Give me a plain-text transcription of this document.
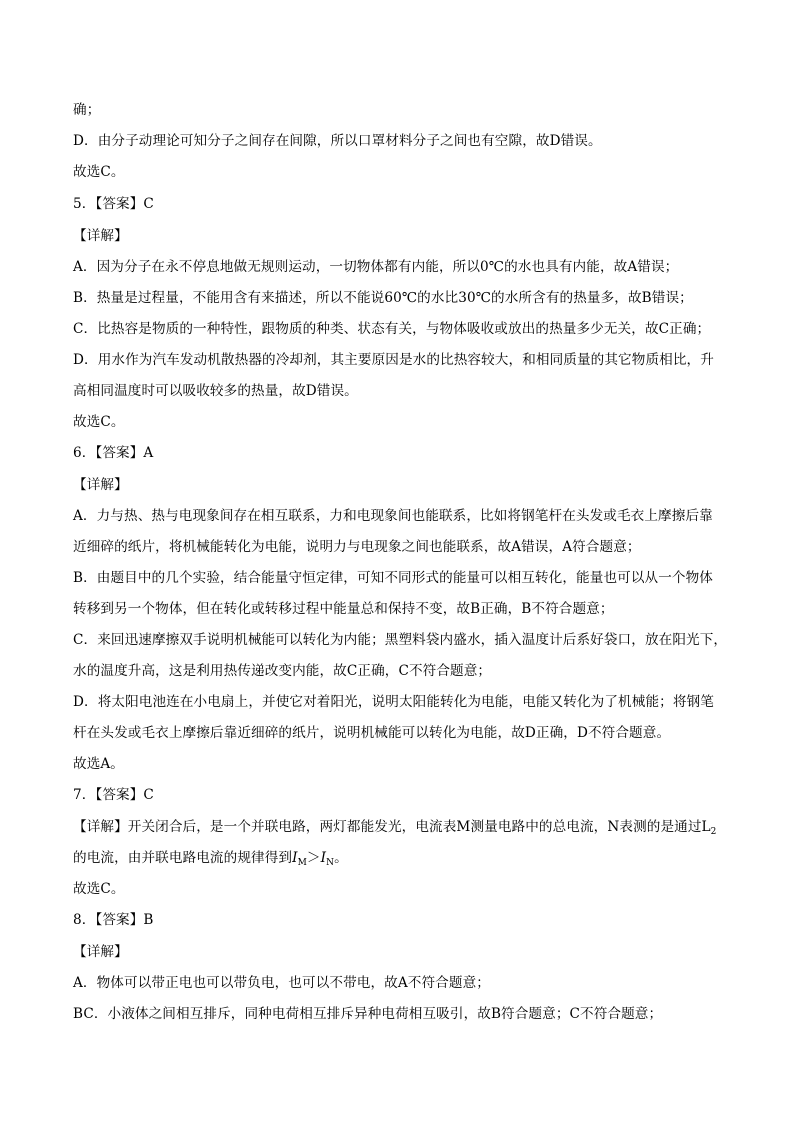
确；
D．由分子动理论可知分子之间存在间隙，所以口罩材料分子之间也有空隙，故D错误。
故选C。
5．【答案】C
【详解】
A．因为分子在永不停息地做无规则运动，一切物体都有内能，所以0℃的水也具有内能，故A错误；
B．热量是过程量，不能用含有来描述，所以不能说60℃的水比30℃的水所含有的热量多，故B错误；
C．比热容是物质的一种特性，跟物质的种类、状态有关，与物体吸收或放出的热量多少无关，故C正确；
D．用水作为汽车发动机散热器的冷却剂，其主要原因是水的比热容较大，和相同质量的其它物质相比，升
高相同温度时可以吸收较多的热量，故D错误。
故选C。
6．【答案】A
【详解】
A．力与热、热与电现象间存在相互联系，力和电现象间也能联系，比如将钢笔杆在头发或毛衣上摩擦后靠
近细碎的纸片，将机械能转化为电能，说明力与电现象之间也能联系，故A错误，A符合题意；
B．由题目中的几个实验，结合能量守恒定律，可知不同形式的能量可以相互转化，能量也可以从一个物体
转移到另一个物体，但在转化或转移过程中能量总和保持不变，故B正确，B不符合题意；
C．来回迅速摩擦双手说明机械能可以转化为内能；黑塑料袋内盛水，插入温度计后系好袋口，放在阳光下，
水的温度升高，这是利用热传递改变内能，故C正确，C不符合题意；
D．将太阳电池连在小电扇上，并使它对着阳光，说明太阳能转化为电能，电能又转化为了机械能；将钢笔
杆在头发或毛衣上摩擦后靠近细碎的纸片，说明机械能可以转化为电能，故D正确，D不符合题意。
故选A。
7．【答案】C
【详解】开关闭合后，是一个并联电路，两灯都能发光，电流表M测量电路中的总电流，N表测的是通过$L_2$
的电流，由并联电路电流的规律得到$I_M>I_N$。
故选C。
8．【答案】B
【详解】
A．物体可以带正电也可以带负电，也可以不带电，故A不符合题意；
BC．小液体之间相互排斥，同种电荷相互排斥异种电荷相互吸引，故B符合题意；C不符合题意；
